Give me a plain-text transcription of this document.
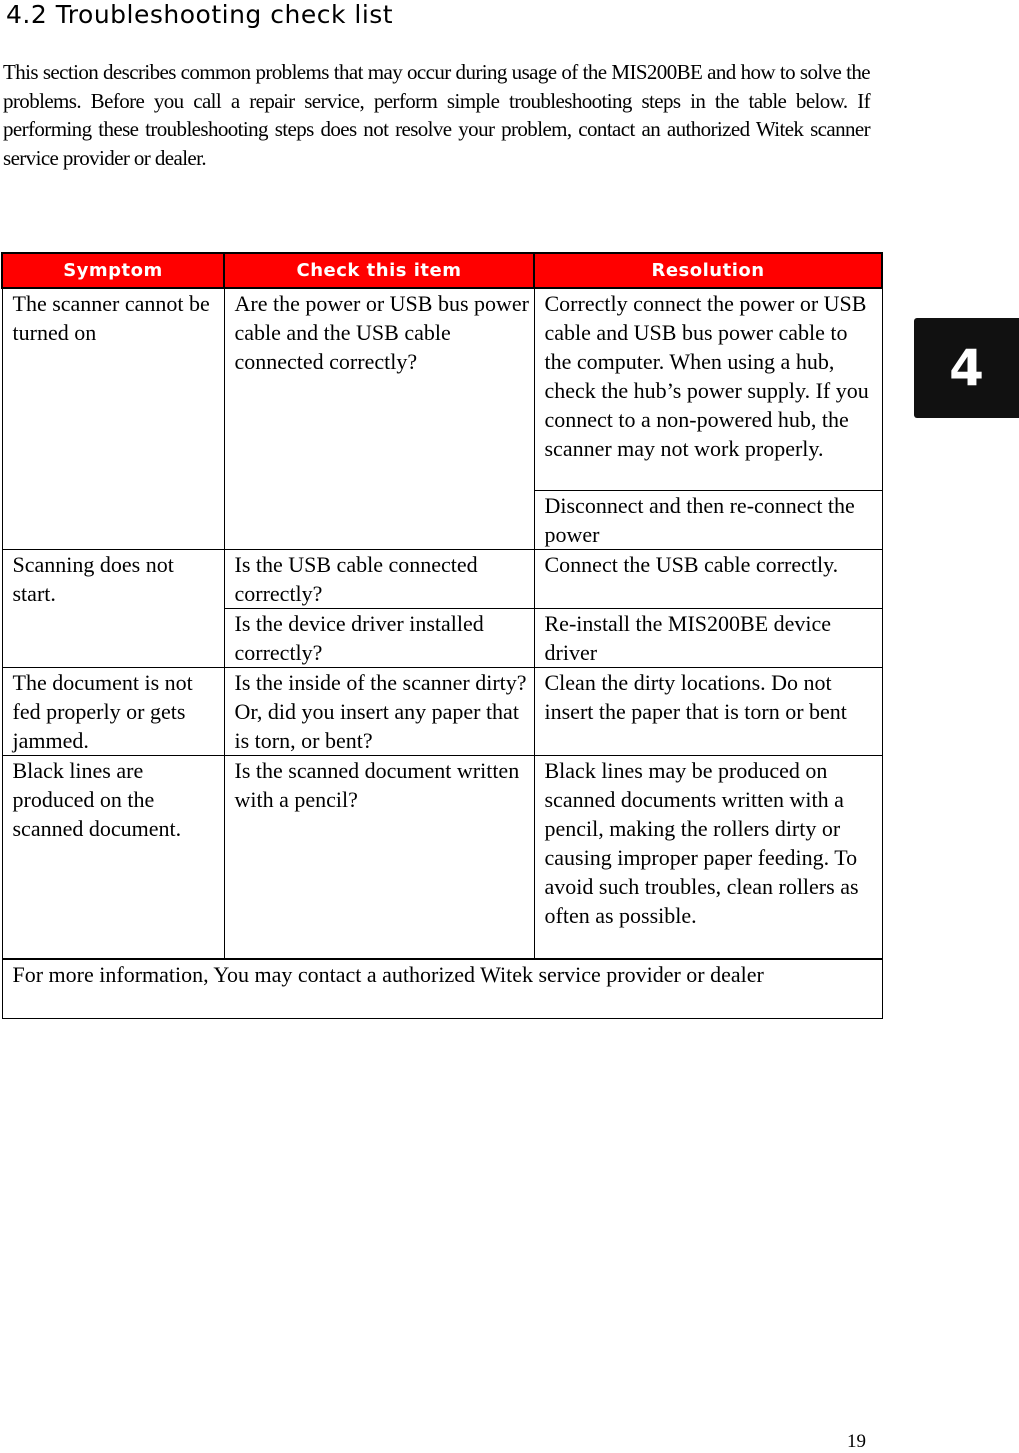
4.2 Troubleshooting check list

This section describes common problems that may occur during usage of the MIS200BE and how to solve the problems. Before you call a repair service, perform simple troubleshooting steps in the table below. If performing these troubleshooting steps does not resolve your problem, contact an authorized Witek scanner service provider or dealer.

Symptom	Check this item	Resolution
The scanner cannot be turned on	Are the power or USB bus power cable and the USB cable connected correctly?	Correctly connect the power or USB cable and USB bus power cable to the computer. When using a hub, check the hub’s power supply. If you connect to a non-powered hub, the scanner may not work properly.
		Disconnect and then re-connect the power
Scanning does not start.	Is the USB cable connected correctly?	Connect the USB cable correctly.
	Is the device driver installed correctly?	Re-install the MIS200BE device driver
The document is not fed properly or gets jammed.	Is the inside of the scanner dirty? Or, did you insert any paper that is torn, or bent?	Clean the dirty locations. Do not insert the paper that is torn or bent
Black lines are produced on the scanned document.	Is the scanned document written with a pencil?	Black lines may be produced on scanned documents written with a pencil, making the rollers dirty or causing improper paper feeding. To avoid such troubles, clean rollers as often as possible.
For more information, You may contact a authorized Witek service provider or dealer		
4
19
